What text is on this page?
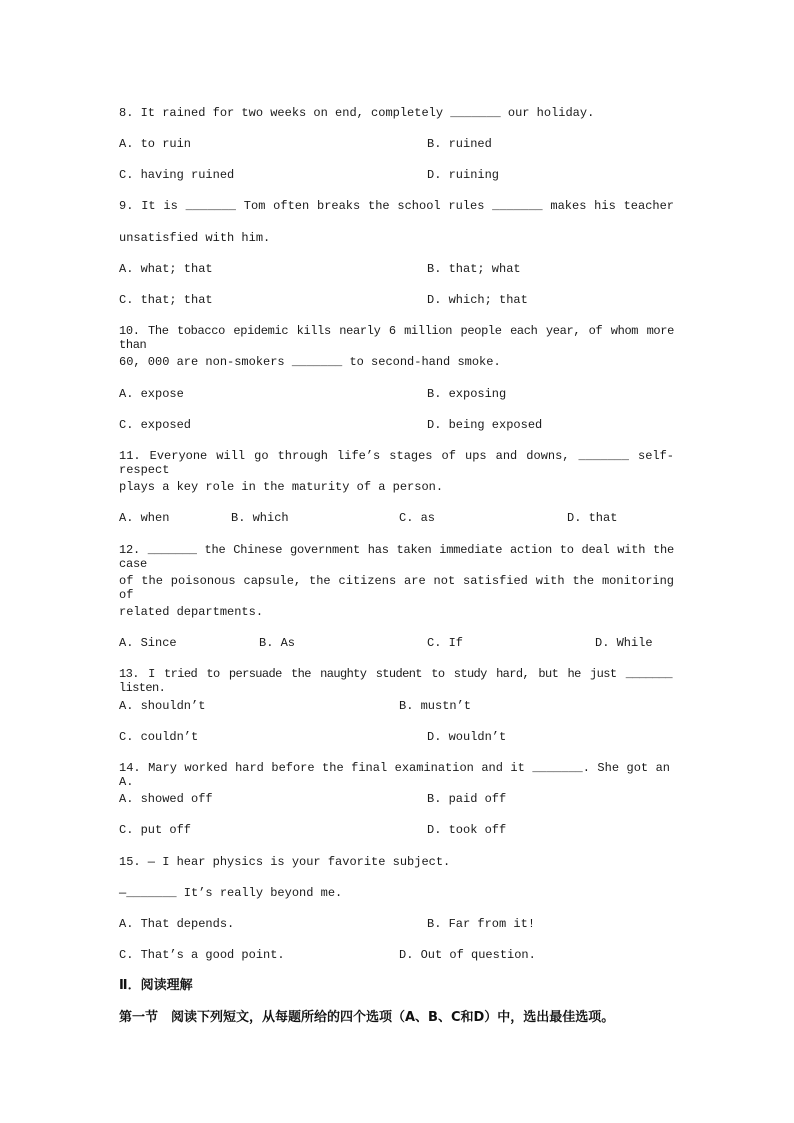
8. It rained for two weeks on end, completely _______ our holiday.
A. to ruin	B. ruined
C. having ruined	D. ruining
9. It is _______ Tom often breaks the school rules _______ makes his teacher
unsatisfied with him.
A. what; that	B. that; what
C. that; that	D. which; that
10. The tobacco epidemic kills nearly 6 million people each year, of whom more than
60, 000 are non-smokers _______ to second-hand smoke.
A. expose	B. exposing
C. exposed	D. being exposed
11. Everyone will go through life’s stages of ups and downs, _______ self-respect
plays a key role in the maturity of a person.
A. when	B. which	C. as	D. that
12. _______ the Chinese government has taken immediate action to deal with the case
of the poisonous capsule, the citizens are not satisfied with the monitoring of
related departments.
A. Since	B. As	C. If	D. While
13. I tried to persuade the naughty student to study hard, but he just _______ listen.
A. shouldn’t	B. mustn’t
C. couldn’t	D. wouldn’t
14. Mary worked hard before the final examination and it _______. She got an A.
A. showed off	B. paid off
C. put off	D. took off
15. — I hear physics is your favorite subject.
—_______ It’s really beyond me.
A. That depends.	B. Far from it!
C. That’s a good point.	D. Out of question.
Ⅱ．阅读理解
第一节　阅读下列短文，从每题所给的四个选项（A、B、C和D）中，选出最佳选项。
